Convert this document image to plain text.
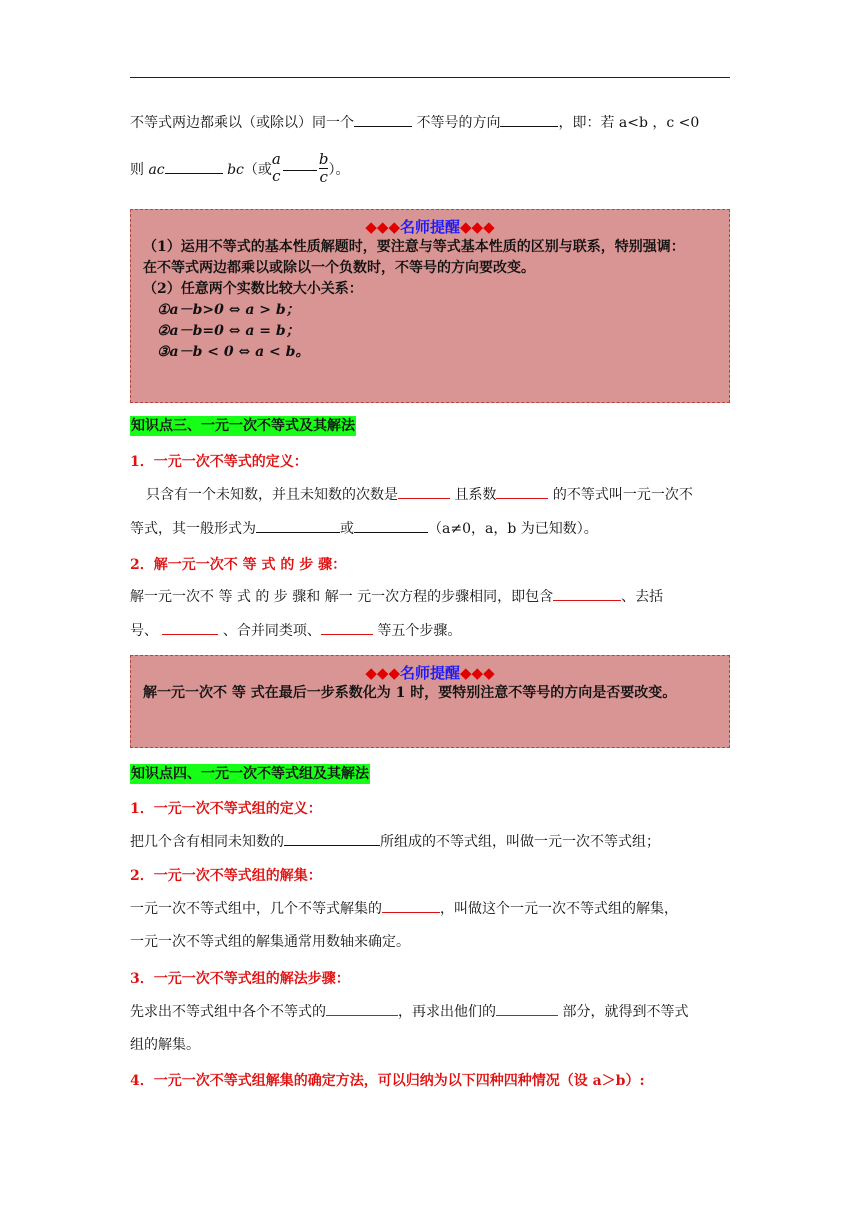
不等式两边都乘以（或除以）同一个	不等号的方向	，即：若 a<b ，c <0
则 ac	bc（或
a
c	$\frac{b}{c}$ ）。
◆◆◆名师提醒◆◆◆
（1）运用不等式的基本性质解题时，要注意与等式基本性质的区别与联系，特别强调：
在不等式两边都乘以或除以一个负数时，不等号的方向要改变。
（2）任意两个实数比较大小关系：
①a－b>0 ⇔ a > b；
②a－b=0 ⇔ a = b；
③a－b < 0 ⇔ a < b。
知识点三、一元一次不等式及其解法
1．一元一次不等式的定义：
只含有一个未知数，并且未知数的次数是	且系数	的不等式叫一元一次不
等式，其一般形式为	或	（a≠0，a，b 为已知数）。
2．解一元一次不 等 式 的 步 骤：
解一元一次不 等 式 的 步 骤和 解一 元一次方程的步骤相同，即包含	、去括
号、	、合并同类项、	等五个步骤。
◆◆◆名师提醒◆◆◆
解一元一次不 等 式在最后一步系数化为 1 时，要特别注意不等号的方向是否要改变。
知识点四、一元一次不等式组及其解法
1．一元一次不等式组的定义：
把几个含有相同未知数的	所组成的不等式组，叫做一元一次不等式组；
2．一元一次不等式组的解集：
一元一次不等式组中，几个不等式解集的	，叫做这个一元一次不等式组的解集，
一元一次不等式组的解集通常用数轴来确定。
3．一元一次不等式组的解法步骤：
先求出不等式组中各个不等式的	，再求出他们的	部分，就得到不等式
组的解集。
4．一元一次不等式组解集的确定方法，可以归纳为以下四种四种情况（设 a＞b）:
